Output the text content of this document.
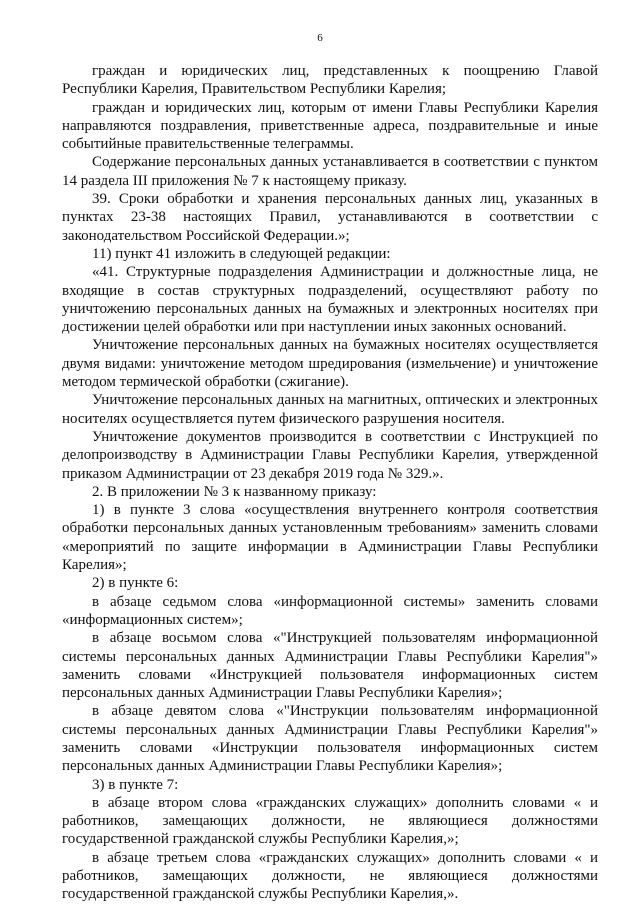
6

граждан и юридических лиц, представленных к поощрению Главой Республики Карелия, Правительством Республики Карелия;

граждан и юридических лиц, которым от имени Главы Республики Карелия направляются поздравления, приветственные адреса, поздравительные и иные событийные правительственные телеграммы.

Содержание персональных данных устанавливается в соответствии с пунктом 14 раздела III приложения № 7 к настоящему приказу.

39. Сроки обработки и хранения персональных данных лиц, указанных в пунктах 23-38 настоящих Правил, устанавливаются в соответствии с законодательством Российской Федерации.»;

11) пункт 41 изложить в следующей редакции:

«41. Структурные подразделения Администрации и должностные лица, не входящие в состав структурных подразделений, осуществляют работу по уничтожению персональных данных на бумажных и электронных носителях при достижении целей обработки или при наступлении иных законных оснований.

Уничтожение персональных данных на бумажных носителях осуществляется двумя видами: уничтожение методом шредирования (измельчение) и уничтожение методом термической обработки (сжигание).

Уничтожение персональных данных на магнитных, оптических и электронных носителях осуществляется путем физического разрушения носителя.

Уничтожение документов производится в соответствии с Инструкцией по делопроизводству в Администрации Главы Республики Карелия, утвержденной приказом Администрации от 23 декабря 2019 года № 329.».

2. В приложении № 3 к названному приказу:

1) в пункте 3 слова «осуществления внутреннего контроля соответствия обработки персональных данных установленным требованиям» заменить словами «мероприятий по защите информации в Администрации Главы Республики Карелия»;

2) в пункте 6:

в абзаце седьмом слова «информационной системы» заменить словами «информационных систем»;

в абзаце восьмом слова «"Инструкцией пользователям информационной системы персональных данных Администрации Главы Республики Карелия"» заменить словами «Инструкцией пользователя информационных систем персональных данных Администрации Главы Республики Карелия»;

в абзаце девятом слова «"Инструкции пользователям информационной системы персональных данных Администрации Главы Республики Карелия"» заменить словами «Инструкции пользователя информационных систем персональных данных Администрации Главы Республики Карелия»;

3) в пункте 7:

в абзаце втором слова «гражданских служащих» дополнить словами « и работников, замещающих должности, не являющиеся должностями государственной гражданской службы Республики Карелия,»;

в абзаце третьем слова «гражданских служащих» дополнить словами « и работников, замещающих должности, не являющиеся должностями государственной гражданской службы Республики Карелия,».
